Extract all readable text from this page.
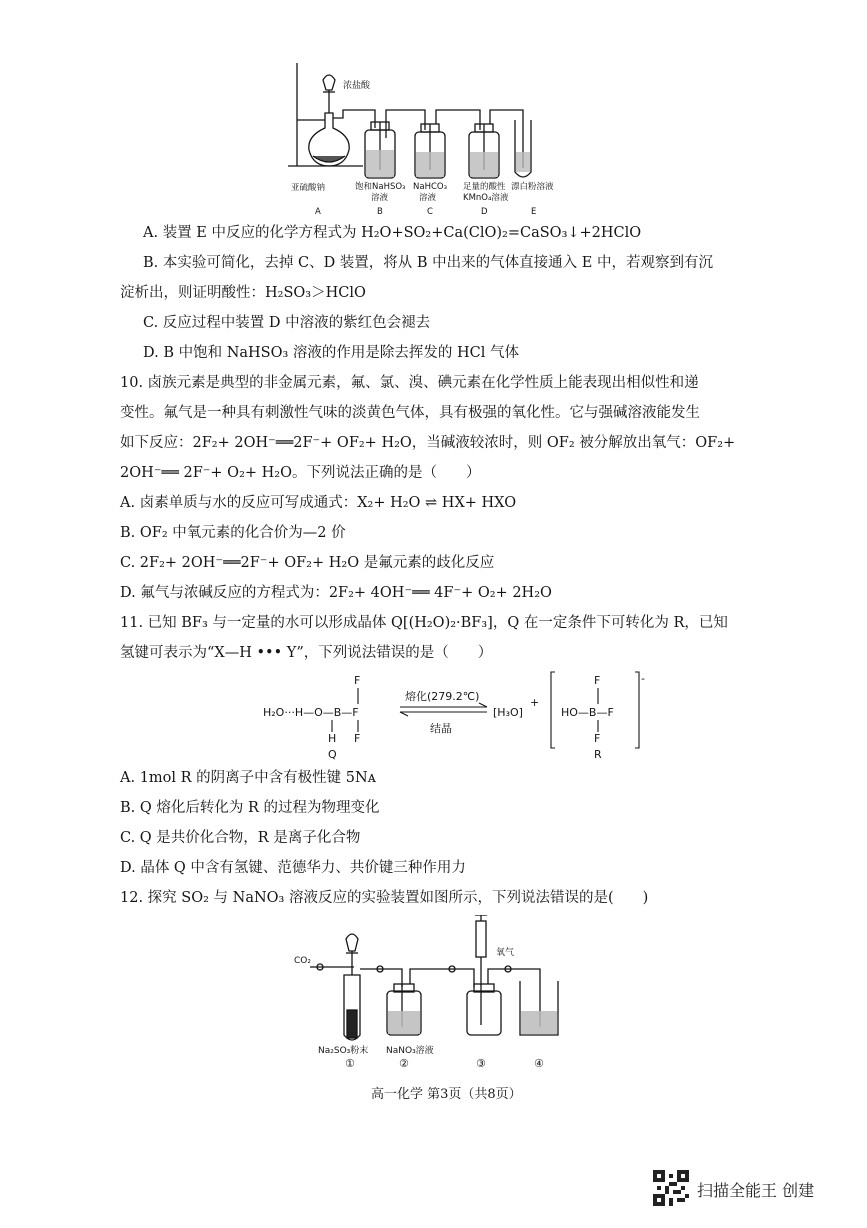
浓盐酸
亚硫酸钠	饱和NaHSO₃
溶液
NaHCO₃
溶液
足量的酸性
KMnO₄溶液
漂白粉溶液
A	B	C	D	E
A. 装置 E 中反应的化学方程式为 H₂O+SO₂+Ca(ClO)₂=CaSO₃↓+2HClO
B. 本实验可简化，去掉 C、D 装置，将从 B 中出来的气体直接通入 E 中，若观察到有沉
淀析出，则证明酸性：H₂SO₃＞HClO
C. 反应过程中装置 D 中溶液的紫红色会褪去
D. B 中饱和 NaHSO₃ 溶液的作用是除去挥发的 HCl 气体
10. 卤族元素是典型的非金属元素，氟、氯、溴、碘元素在化学性质上能表现出相似性和递
变性。氟气是一种具有刺激性气味的淡黄色气体，具有极强的氧化性。它与强碱溶液能发生
如下反应：2F₂+ 2OH⁻══2F⁻+ OF₂+ H₂O，当碱液较浓时，则 OF₂ 被分解放出氧气：OF₂+
2OH⁻══ 2F⁻+ O₂+ H₂O。下列说法正确的是（　　）
A. 卤素单质与水的反应可写成通式：X₂+ H₂O ⇌ HX+ HXO
B. OF₂ 中氧元素的化合价为—2 价
C. 2F₂+ 2OH⁻══2F⁻+ OF₂+ H₂O 是氟元素的歧化反应
D. 氟气与浓碱反应的方程式为：2F₂+ 4OH⁻══ 4F⁻+ O₂+ 2H₂O
11. 已知 BF₃ 与一定量的水可以形成晶体 Q[(H₂O)₂·BF₃]，Q 在一定条件下可转化为 R，已知
氢键可表示为“X—H ••• Y”，下列说法错误的是（　　）
H₂O···H—O—B—F
F
F
H
Q
熔化(279.2℃)
结晶
[H₃O]
+
HO—B—F
F
F
-
R
A. 1mol R 的阴离子中含有极性键 5Nᴀ
B. Q 熔化后转化为 R 的过程为物理变化
C. Q 是共价化合物，R 是离子化合物
D. 晶体 Q 中含有氢键、范德华力、共价键三种作用力
12. 探究 SO₂ 与 NaNO₃ 溶液反应的实验装置如图所示，下列说法错误的是(　　)
CO₂
氧气
Na₂SO₃粉末 NaNO₃溶液
①	②	③	④
高一化学 第3页（共8页）
扫描全能王 创建
